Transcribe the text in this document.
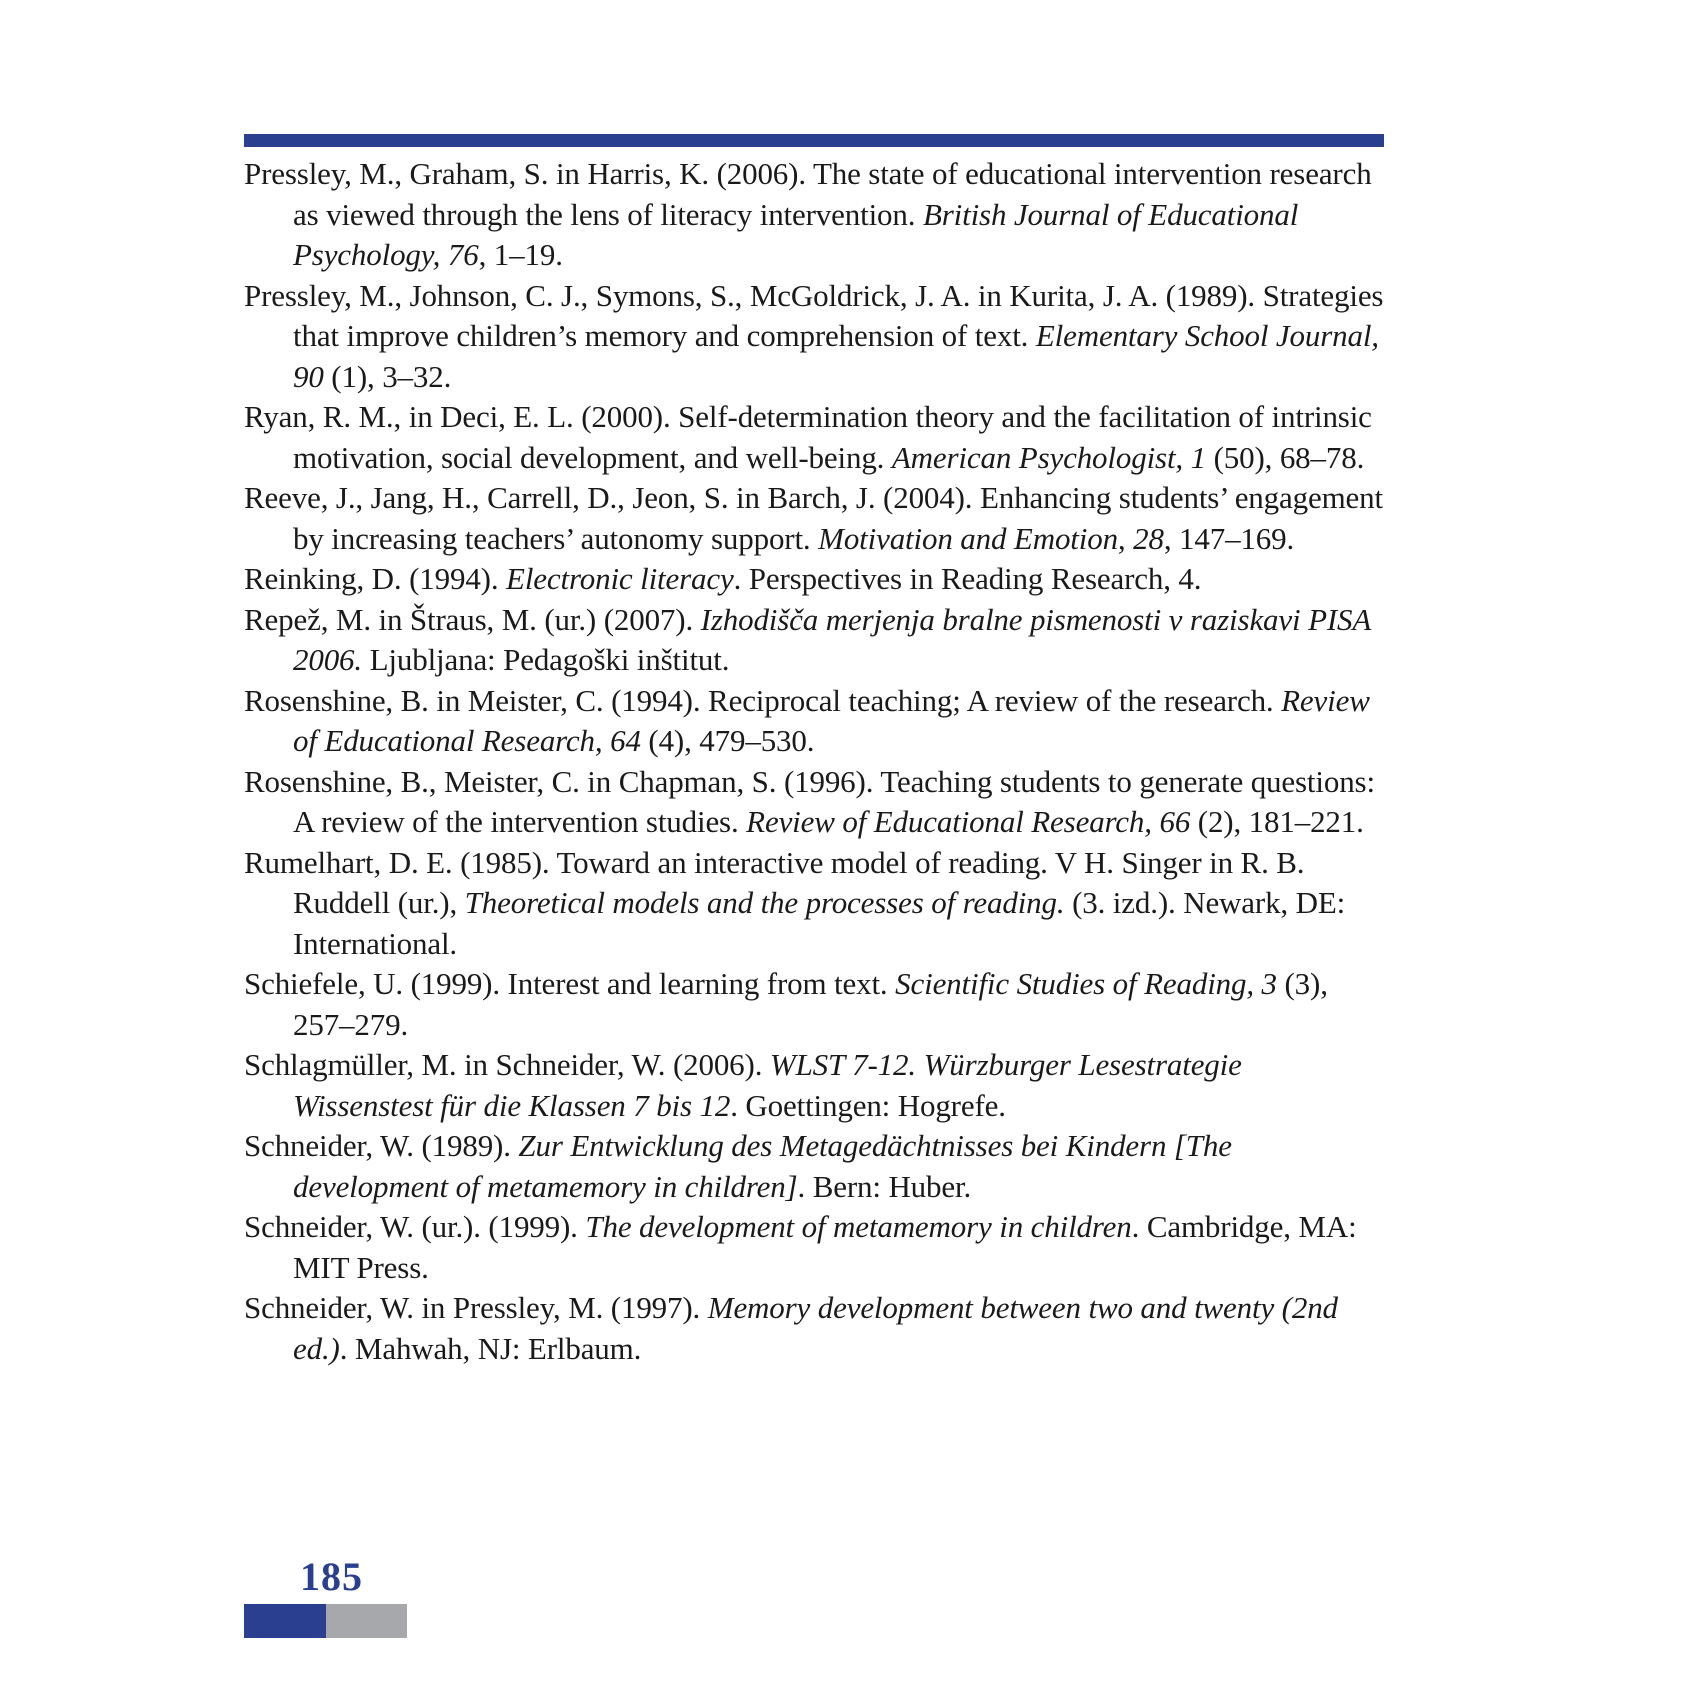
Pressley, M., Graham, S. in Harris, K. (2006). The state of educational intervention research as viewed through the lens of literacy intervention. British Journal of Educational Psychology, 76, 1–19.

Pressley, M., Johnson, C. J., Symons, S., McGoldrick, J. A. in Kurita, J. A. (1989). Strategies that improve children’s memory and comprehension of text. Elementary School Journal, 90 (1), 3–32.

Ryan, R. M., in Deci, E. L. (2000). Self-determination theory and the facilitation of intrinsic motivation, social development, and well-being. American Psychologist, 1 (50), 68–78.

Reeve, J., Jang, H., Carrell, D., Jeon, S. in Barch, J. (2004). Enhancing students’ engagement by increasing teachers’ autonomy support. Motivation and Emotion, 28, 147–169.

Reinking, D. (1994). Electronic literacy. Perspectives in Reading Research, 4.

Repež, M. in Štraus, M. (ur.) (2007). Izhodišča merjenja bralne pismenosti v raziskavi PISA 2006. Ljubljana: Pedagoški inštitut.

Rosenshine, B. in Meister, C. (1994). Reciprocal teaching; A review of the research. Review of Educational Research, 64 (4), 479–530.

Rosenshine, B., Meister, C. in Chapman, S. (1996). Teaching students to generate questions: A review of the intervention studies. Review of Educational Research, 66 (2), 181–221.

Rumelhart, D. E. (1985). Toward an interactive model of reading. V H. Singer in R. B. Ruddell (ur.), Theoretical models and the processes of reading. (3. izd.). Newark, DE: International.

Schiefele, U. (1999). Interest and learning from text. Scientific Studies of Reading, 3 (3), 257–279.

Schlagmüller, M. in Schneider, W. (2006). WLST 7-12. Würzburger Lesestrategie Wissenstest für die Klassen 7 bis 12. Goettingen: Hogrefe.

Schneider, W. (1989). Zur Entwicklung des Metagedächtnisses bei Kindern [The development of metamemory in children]. Bern: Huber.

Schneider, W. (ur.). (1999). The development of metamemory in children. Cambridge, MA: MIT Press.

Schneider, W. in Pressley, M. (1997). Memory development between two and twenty (2nd ed.). Mahwah, NJ: Erlbaum.

185
